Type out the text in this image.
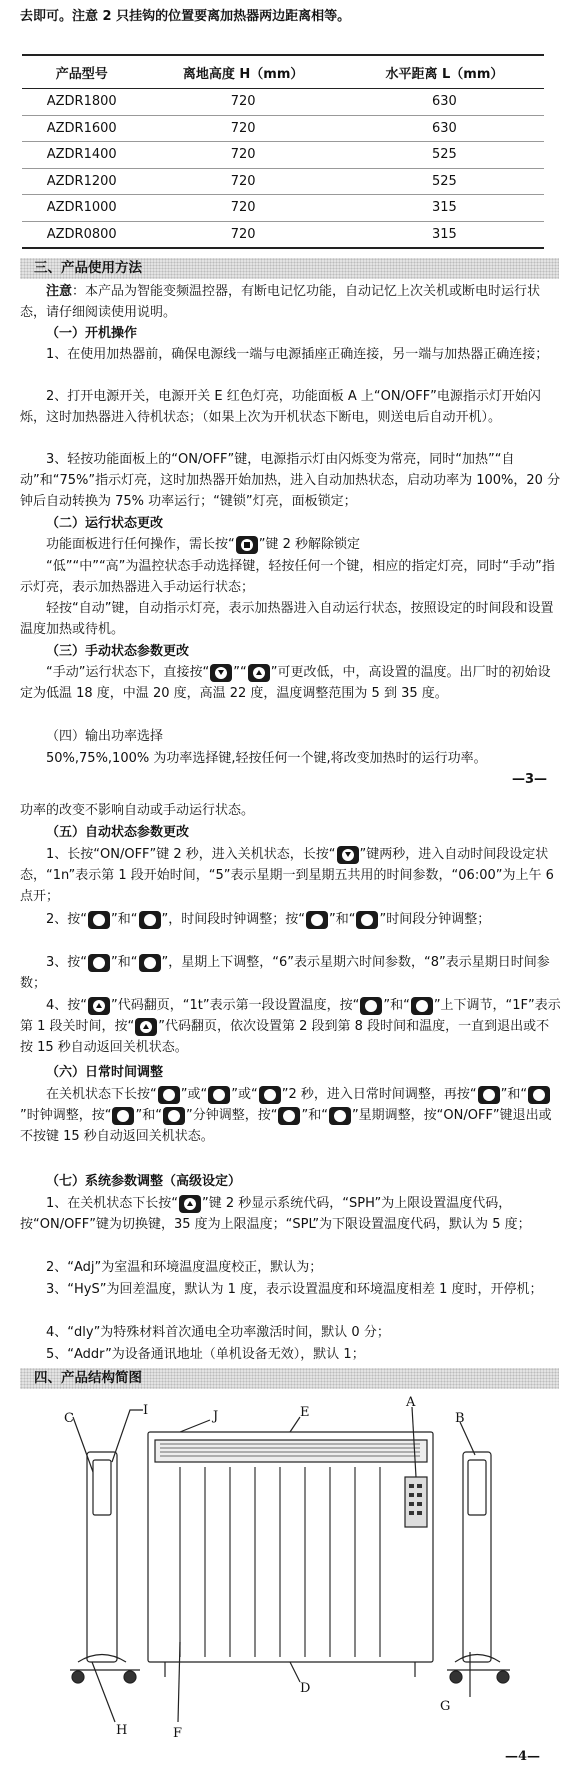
去即可。注意 2 只挂钩的位置要离加热器两边距离相等。
产品型号	离地高度 H（mm）	水平距离 L（mm）
AZDR1800	720	630
AZDR1600	720	630
AZDR1400	720	525
AZDR1200	720	525
AZDR1000	720	315
AZDR0800	720	315
三、产品使用方法
注意：本产品为智能变频温控器，有断电记忆功能，自动记忆上次关机或断电时运行状态，请仔细阅读使用说明。
（一）开机操作
1、在使用加热器前，确保电源线一端与电源插座正确连接，另一端与加热器正确连接；
2、打开电源开关，电源开关 E 红色灯亮，功能面板 A 上“ON/OFF”电源指示灯开始闪烁，这时加热器进入待机状态；（如果上次为开机状态下断电，则送电后自动开机）。
3、轻按功能面板上的“ON/OFF”键，电源指示灯由闪烁变为常亮，同时“加热”“自动”和“75%”指示灯亮，这时加热器开始加热，进入自动加热状态，启动功率为 100%，20 分钟后自动转换为 75% 功率运行；“键锁”灯亮，面板锁定；
（二）运行状态更改
功能面板进行任何操作，需长按“ ”键 2 秒解除锁定
“低”“中”“高”为温控状态手动选择键，轻按任何一个键，相应的指定灯亮，同时“手动”指示灯亮，表示加热器进入手动运行状态；
轻按“自动”键，自动指示灯亮，表示加热器进入自动运行状态，按照设定的时间段和设置温度加热或待机。
（三）手动状态参数更改
“手动”运行状态下，直接按“ ”“ ”可更改低，中，高设置的温度。出厂时的初始设定为低温 18 度，中温 20 度，高温 22 度，温度调整范围为 5 到 35 度。
（四）输出功率选择
50%,75%,100% 为功率选择键,轻按任何一个键,将改变加热时的运行功率。
—3—
功率的改变不影响自动或手动运行状态。
（五）自动状态参数更改
1、长按“ON/OFF”键 2 秒，进入关机状态，长按“ ”键两秒，进入自动时间段设定状态，“1n”表示第 1 段开始时间，“5”表示星期一到星期五共用的时间参数，“06:00”为上午 6 点开；
2、按“ ”和“ ”，时间段时钟调整；按“ ”和“ ”时间段分钟调整；
3、按“ ”和“ ”，星期上下调整，“6”表示星期六时间参数，“8”表示星期日时间参数；
4、按“ ”代码翻页，“1t”表示第一段设置温度，按“ ”和“ ”上下调节，“1F”表示第 1 段关时间，按“ ”代码翻页，依次设置第 2 段到第 8 段时间和温度，一直到退出或不按 15 秒自动返回关机状态。
（六）日常时间调整
在关机状态下长按“ ”或“ ”或“ ”2 秒，进入日常时间调整，再按“ ”和“”时钟调整，按“ ”和“ ”分钟调整，按“ ”和“ ”星期调整，按“ON/OFF”键退出或不按键 15 秒自动返回关机状态。
（七）系统参数调整（高级设定）
1、在关机状态下长按“ ”键 2 秒显示系统代码，“SPH”为上限设置温度代码，按“ON/OFF”键为切换键，35 度为上限温度；“SPL”为下限设置温度代码，默认为 5 度；
2、“Adj”为室温和环境温度温度校正，默认为；
3、“HyS”为回差温度，默认为 1 度，表示设置温度和环境温度相差 1 度时，开停机；
4、“dly”为特殊材料首次通电全功率激活时间，默认 0 分；
5、“Addr”为设备通讯地址（单机设备无效），默认 1；
四、产品结构简图
I	J	E
A
B
C
D
F
G
H
—4—
